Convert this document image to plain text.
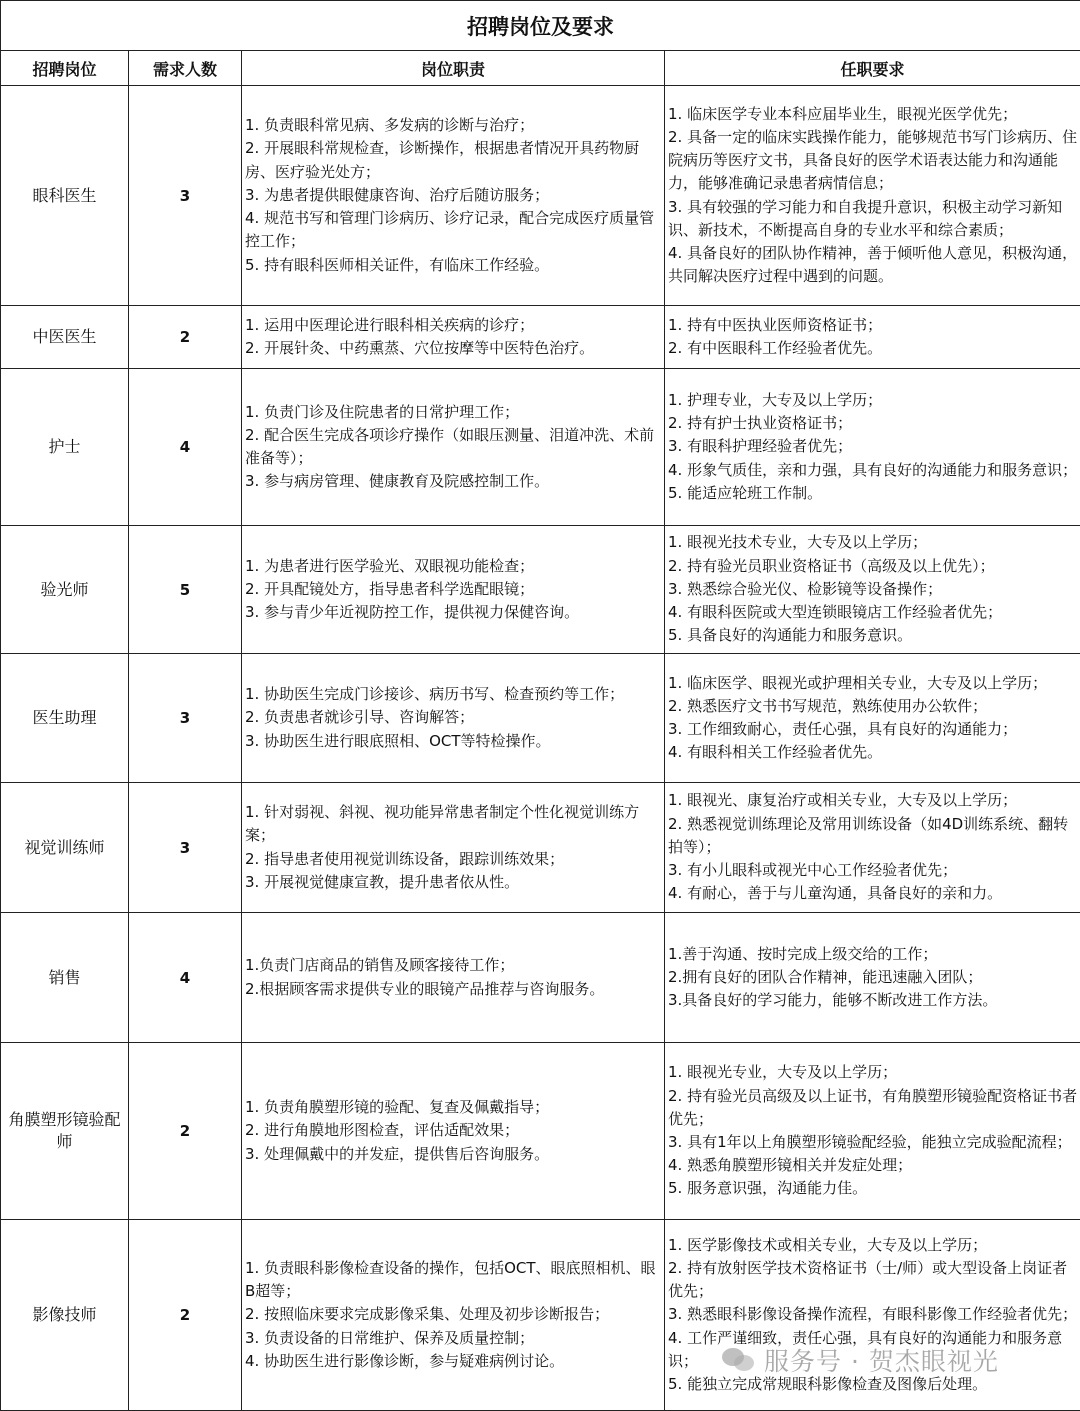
招聘岗位及要求			
招聘岗位	需求人数	岗位职责	任职要求
眼科医生	3	1. 负责眼科常见病、多发病的诊断与治疗；
2. 开展眼科常规检查，诊断操作，根据患者情况开具药物厨房、医疗验光处方；
3. 为患者提供眼健康咨询、治疗后随访服务；
4. 规范书写和管理门诊病历、诊疗记录，配合完成医疗质量管控工作；
5. 持有眼科医师相关证件，有临床工作经验。	1. 临床医学专业本科应届毕业生，眼视光医学优先；
2. 具备一定的临床实践操作能力，能够规范书写门诊病历、住院病历等医疗文书，具备良好的医学术语表达能力和沟通能力，能够准确记录患者病情信息；
3. 具有较强的学习能力和自我提升意识，积极主动学习新知识、新技术，不断提高自身的专业水平和综合素质；
4. 具备良好的团队协作精神，善于倾听他人意见，积极沟通，共同解决医疗过程中遇到的问题。

中医医生	2	1. 运用中医理论进行眼科相关疾病的诊疗；
2. 开展针灸、中药熏蒸、穴位按摩等中医特色治疗。	1. 持有中医执业医师资格证书；
2. 有中医眼科工作经验者优先。

护士	4	1. 负责门诊及住院患者的日常护理工作；
2. 配合医生完成各项诊疗操作（如眼压测量、泪道冲洗、术前准备等）；
3. 参与病房管理、健康教育及院感控制工作。	1. 护理专业，大专及以上学历；
2. 持有护士执业资格证书；
3. 有眼科护理经验者优先；
4. 形象气质佳，亲和力强，具有良好的沟通能力和服务意识；
5. 能适应轮班工作制。

验光师	5	1. 为患者进行医学验光、双眼视功能检查；
2. 开具配镜处方，指导患者科学选配眼镜；
3. 参与青少年近视防控工作，提供视力保健咨询。	1. 眼视光技术专业，大专及以上学历；
2. 持有验光员职业资格证书（高级及以上优先）；
3. 熟悉综合验光仪、检影镜等设备操作；
4. 有眼科医院或大型连锁眼镜店工作经验者优先；
5. 具备良好的沟通能力和服务意识。

医生助理	3	1. 协助医生完成门诊接诊、病历书写、检查预约等工作；
2. 负责患者就诊引导、咨询解答；
3. 协助医生进行眼底照相、OCT等特检操作。	1. 临床医学、眼视光或护理相关专业，大专及以上学历；
2. 熟悉医疗文书书写规范，熟练使用办公软件；
3. 工作细致耐心，责任心强，具有良好的沟通能力；
4. 有眼科相关工作经验者优先。

视觉训练师	3	1. 针对弱视、斜视、视功能异常患者制定个性化视觉训练方案；
2. 指导患者使用视觉训练设备，跟踪训练效果；
3. 开展视觉健康宣教，提升患者依从性。	1. 眼视光、康复治疗或相关专业，大专及以上学历；
2. 熟悉视觉训练理论及常用训练设备（如4D训练系统、翻转拍等）；
3. 有小儿眼科或视光中心工作经验者优先；
4. 有耐心，善于与儿童沟通，具备良好的亲和力。

销售	4	1.负责门店商品的销售及顾客接待工作；
2.根据顾客需求提供专业的眼镜产品推荐与咨询服务。	1.善于沟通、按时完成上级交给的工作；
2.拥有良好的团队合作精神，能迅速融入团队；
3.具备良好的学习能力，能够不断改进工作方法。

角膜塑形镜验配师	2	1. 负责角膜塑形镜的验配、复查及佩戴指导；
2. 进行角膜地形图检查，评估适配效果；
3. 处理佩戴中的并发症，提供售后咨询服务。	1. 眼视光专业，大专及以上学历；
2. 持有验光员高级及以上证书，有角膜塑形镜验配资格证书者优先；
3. 具有1年以上角膜塑形镜验配经验，能独立完成验配流程；
4. 熟悉角膜塑形镜相关并发症处理；
5. 服务意识强，沟通能力佳。

影像技师	2	1. 负责眼科影像检查设备的操作，包括OCT、眼底照相机、眼B超等；
2. 按照临床要求完成影像采集、处理及初步诊断报告；
3. 负责设备的日常维护、保养及质量控制；
4. 协助医生进行影像诊断，参与疑难病例讨论。	1. 医学影像技术或相关专业，大专及以上学历；
2. 持有放射医学技术资格证书（士/师）或大型设备上岗证者优先；
3. 熟悉眼科影像设备操作流程，有眼科影像工作经验者优先；
4. 工作严谨细致，责任心强，具有良好的沟通能力和服务意识；
5. 能独立完成常规眼科影像检查及图像后处理。
服务号 · 贺杰眼视光
